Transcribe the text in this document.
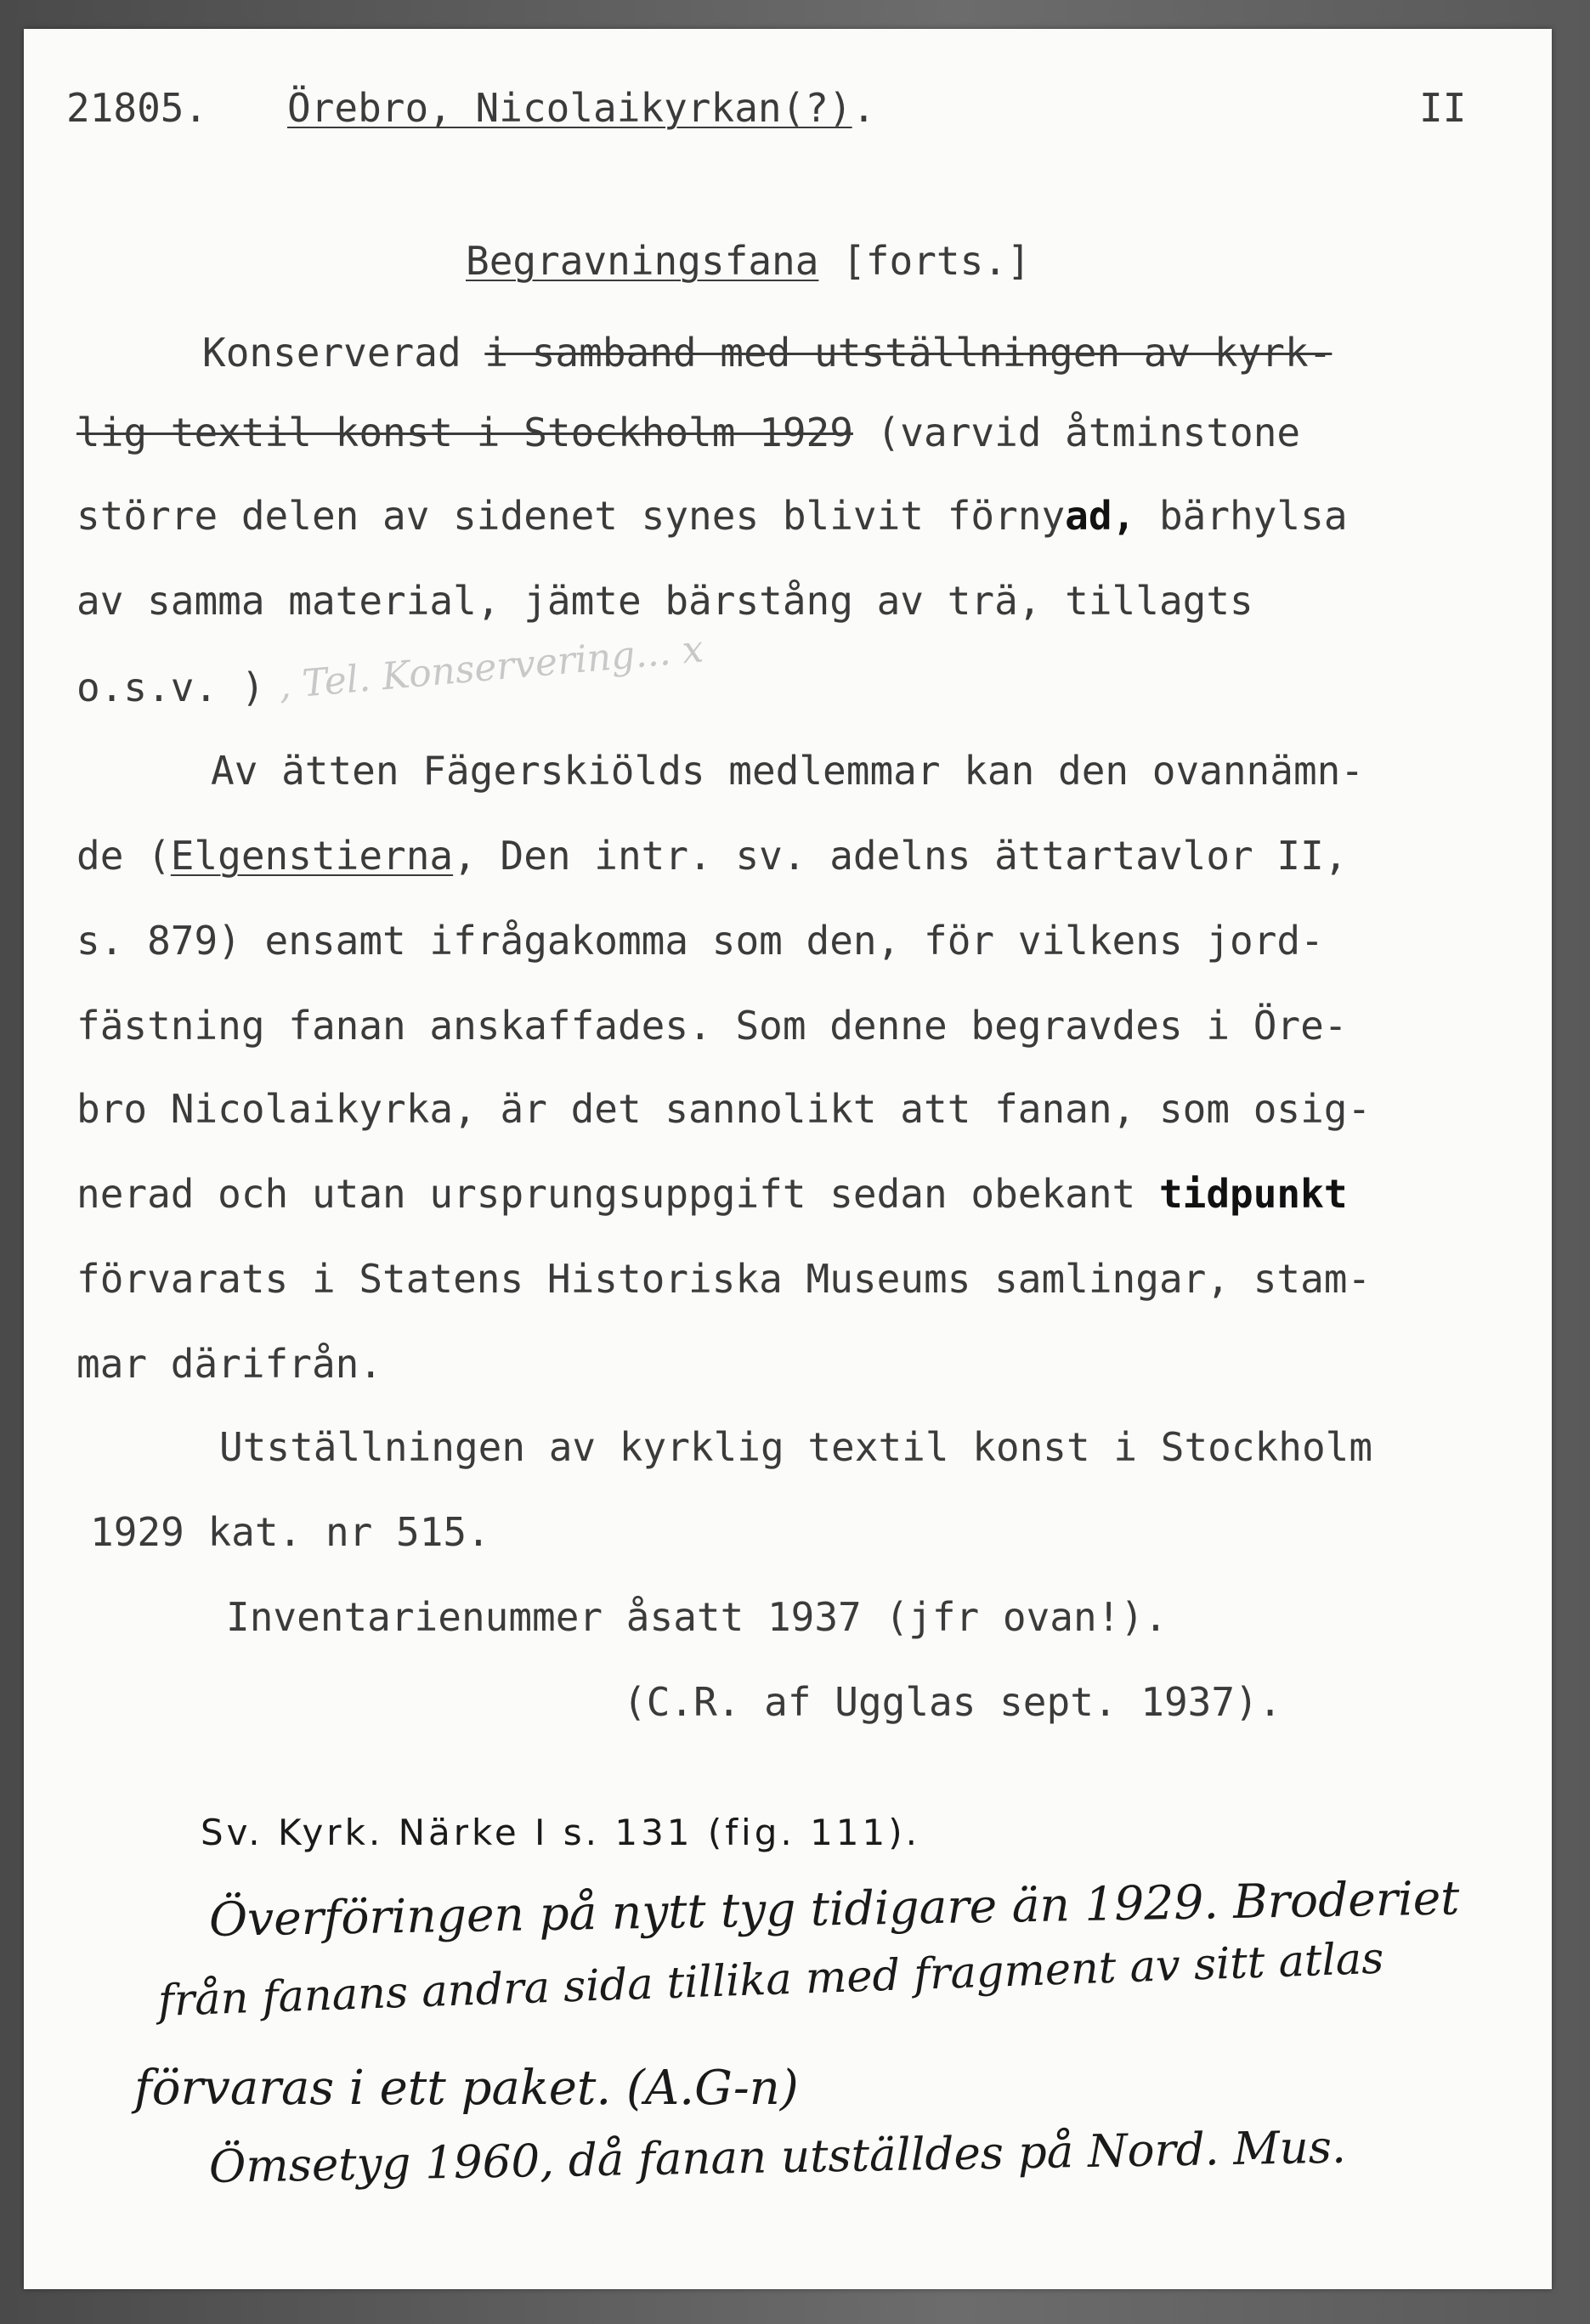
21805. Örebro, Nicolaikyrkan(?).	II
Begravningsfana [forts.]
Konserverad i samband med utställningen av kyrk-
lig textil konst i Stockholm 1929 (varvid åtminstone
större delen av sidenet synes blivit förnyad, bärhylsa
av samma material, jämte bärstång av trä, tillagts
o.s.v. ) , Tel. Konservering... x
Av ätten Fägerskiölds medlemmar kan den ovannämn-
de (Elgenstierna, Den intr. sv. adelns ättartavlor II,
s. 879) ensamt ifrågakomma som den, för vilkens jord-
fästning fanan anskaffades. Som denne begravdes i Öre-
bro Nicolaikyrka, är det sannolikt att fanan, som osig-
nerad och utan ursprungsuppgift sedan obekant tidpunkt
förvarats i Statens Historiska Museums samlingar, stam-
mar därifrån.
Utställningen av kyrklig textil konst i Stockholm
1929 kat. nr 515.
Inventarienummer åsatt 1937 (jfr ovan!).
(C.R. af Ugglas sept. 1937).
Sv. Kyrk. Närke I s. 131 (fig. 111).
Överföringen på nytt tyg tidigare än 1929. Broderiet
från fanans andra sida tillika med fragment av sitt atlas
förvaras i ett paket. (A.G-n)
Ömsetyg 1960, då fanan utställdes på Nord. Mus.
